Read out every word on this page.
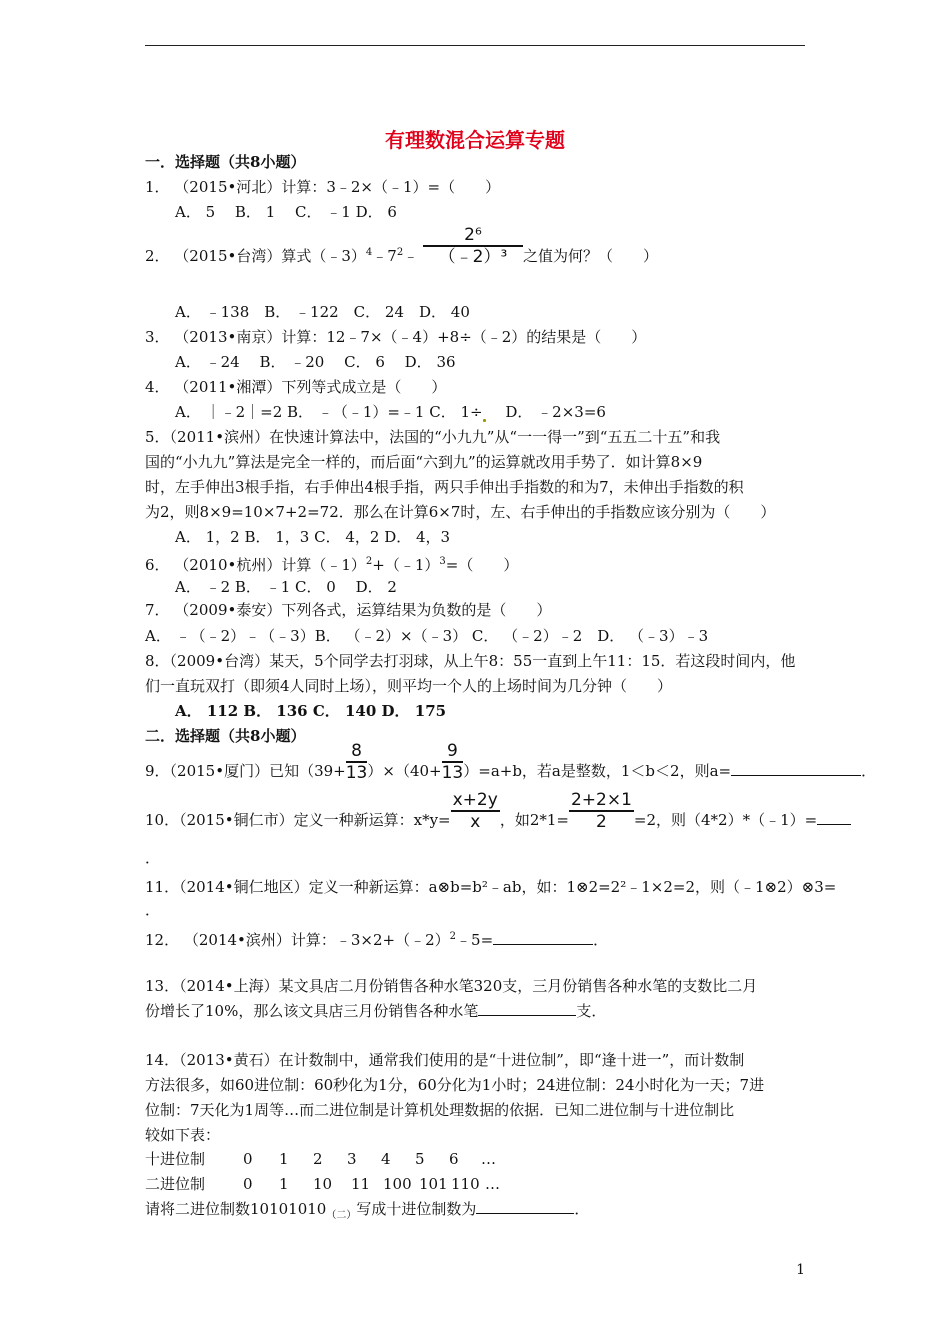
有理数混合运算专题
一．选择题（共8小题）
1． （2015•河北）计算：3﹣2×（﹣1）=（　　）
A． 5 　B． 1 　C． ﹣1 D． 6
2． （2015•台湾）算式$(﹣3)^4﹣7^2﹣ \frac{\text{2⁶}}{\text{（﹣2）³}}$ 之值为何？（　　）
A． ﹣138　B． ﹣122　C． 24　D． 40
3． （2013•南京）计算：12﹣7×（﹣4）+8÷（﹣2）的结果是（　　）
A． ﹣24　 B． ﹣20　 C． 6　 D． 36
4． （2011•湘潭）下列等式成立是（　　）
A． ｜﹣2｜=2 B． ﹣（﹣1）=﹣1 C． 1÷　 D． ﹣2×3=6
5．（2011•滨州）在快速计算法中，法国的“小九九”从“一一得一”到“五五二十五”和我
国的“小九九”算法是完全一样的，而后面“六到九”的运算就改用手势了．如计算8×9
时，左手伸出3根手指，右手伸出4根手指，两只手伸出手指数的和为7，未伸出手指数的积
为2，则8×9=10×7+2=72．那么在计算6×7时，左、右手伸出的手指数应该分别为（　　）
A． 1，2 B． 1，3 C． 4，2 D． 4，3
6． （2010•杭州）计算（﹣1）$^2$+（﹣1）$^3$=（　　）
A． ﹣2 B． ﹣1 C． 0　 D． 2
7． （2009•泰安）下列各式，运算结果为负数的是（　　）
A． ﹣（﹣2）﹣（﹣3）B． （﹣2）×（﹣3） C． （﹣2）﹣2　D． （﹣3）﹣3
8．（2009•台湾）某天，5个同学去打羽球，从上午8：55一直到上午11：15．若这段时间内，他
们一直玩双打（即须4人同时上场），则平均一个人的上场时间为几分钟（　　）
A． 112 B． 136 C． 140 D． 175
二．选择题（共8小题）
9．（2015•厦门）已知$(39+ \frac{8}{13} )\times(40+ \frac{9}{13} )=a+b$，若a是整数，1＜b＜2，则a=	．
10．（2015•铜仁市）定义一种新运算：$x*y= \frac{x+2y}{x}$ ，如$2*1= \frac{2+2\times 1}{2} =2$，则（4*2）*（﹣1）=
．
11．（2014•铜仁地区）定义一种新运算：a⊗b=b²﹣ab，如：1⊗2=2²﹣1×2=2，则（﹣1⊗2）⊗3=
．
12． （2014•滨州）计算：﹣3×2+（﹣2）$^2$﹣5=	．
13．（2014•上海）某文具店二月份销售各种水笔320支，三月份销售各种水笔的支数比二月
份增长了10%，那么该文具店三月份销售各种水笔	支．
14．（2013•黄石）在计数制中，通常我们使用的是“十进位制”，即“逢十进一”，而计数制
方法很多，如60进位制：60秒化为1分，60分化为1小时；24进位制：24小时化为一天；7进
位制：7天化为1周等…而二进位制是计算机处理数据的依据．已知二进位制与十进位制比
较如下表：
十进位制	0 1 2 3 4 5 6 …
二进位制	0 1 10 11 100 101 110 …
请将二进位制数$10101010_{(二)}$写成十进位制数为	．
1
